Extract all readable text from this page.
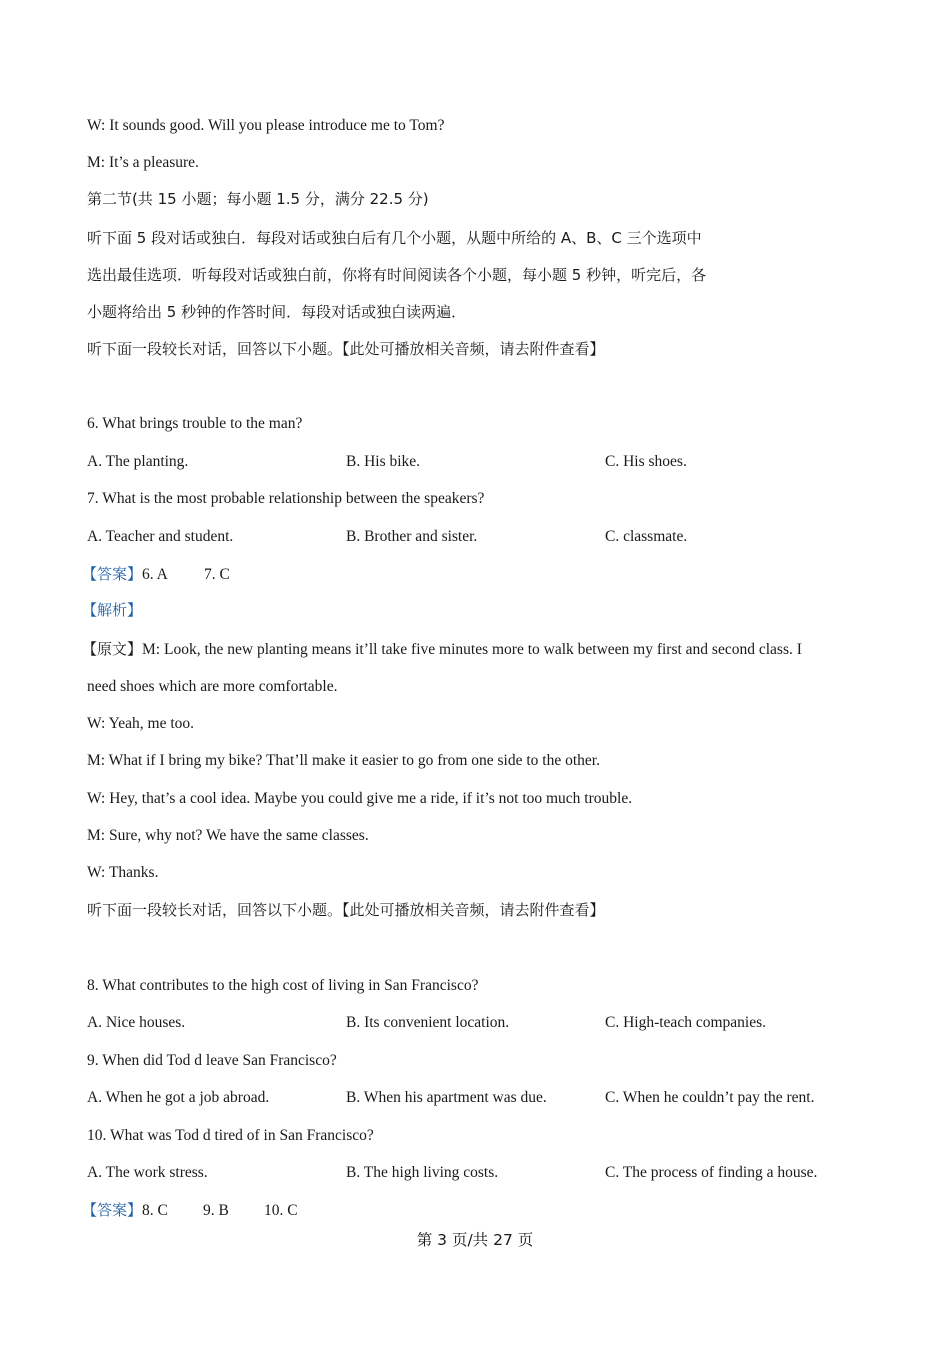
W: It sounds good. Will you please introduce me to Tom?
M: It’s a pleasure.
第二节(共 15 小题；每小题 1.5 分，满分 22.5 分)
听下面 5 段对话或独白．每段对话或独白后有几个小题，从题中所给的 A、B、C 三个选项中
选出最佳选项．听每段对话或独白前，你将有时间阅读各个小题，每小题 5 秒钟，听完后，各
小题将给出 5 秒钟的作答时间．每段对话或独白读两遍．
听下面一段较长对话，回答以下小题。【此处可播放相关音频，请去附件查看】
6. What brings trouble to the man?
A. The planting.	B. His bike.	C. His shoes.
7. What is the most probable relationship between the speakers?
A. Teacher and student.	B. Brother and sister.	C. classmate.
【答案】6. A 7. C
【解析】
【原文】M: Look, the new planting means it’ll take five minutes more to walk between my first and second class. I
need shoes which are more comfortable.
W: Yeah, me too.
M: What if I bring my bike? That’ll make it easier to go from one side to the other.
W: Hey, that’s a cool idea. Maybe you could give me a ride, if it’s not too much trouble.
M: Sure, why not? We have the same classes.
W: Thanks.
听下面一段较长对话，回答以下小题。【此处可播放相关音频，请去附件查看】
8. What contributes to the high cost of living in San Francisco?
A. Nice houses.	B. Its convenient location.	C. High-teach companies.
9. When did Tod d leave San Francisco?
A. When he got a job abroad.	B. When his apartment was due.	C. When he couldn’t pay the rent.
10. What was Tod d tired of in San Francisco?
A. The work stress.	B. The high living costs.	C. The process of finding a house.
【答案】8. C 9. B 10. C
第 3 页/共 27 页
